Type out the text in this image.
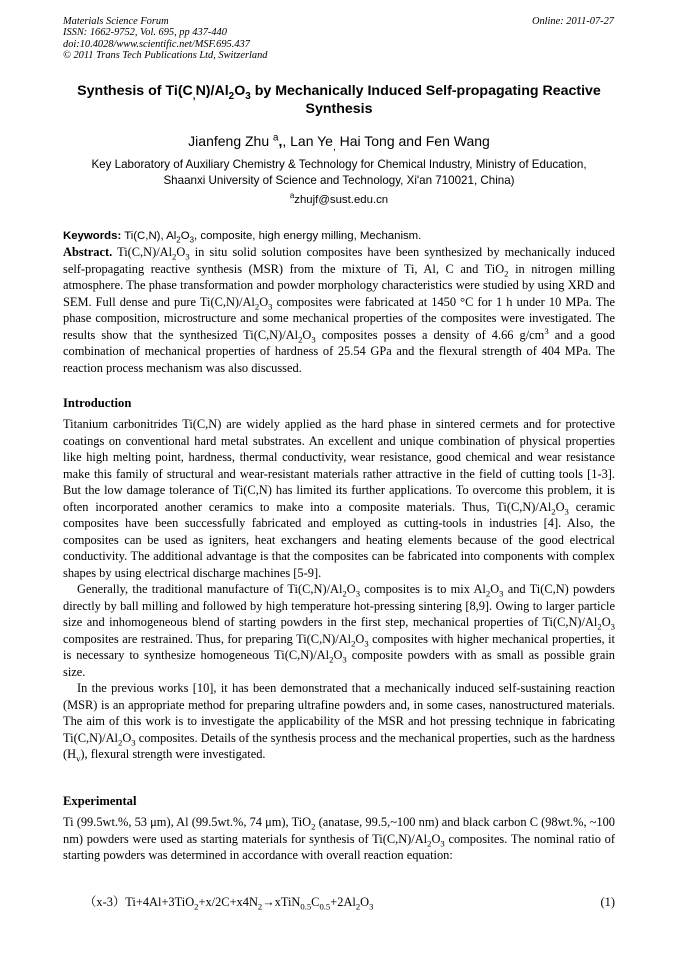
Materials Science Forum
ISSN: 1662-9752, Vol. 695, pp 437-440
doi:10.4028/www.scientific.net/MSF.695.437
© 2011 Trans Tech Publications Ltd, Switzerland
Online: 2011-07-27
Synthesis of $Ti(C_,N)/Al_2O_3$ by Mechanically Induced Self-propagating Reactive Synthesis
Jianfeng Zhu $^a$,, Lan $Ye_,$ Hai Tong and Fen Wang
Key Laboratory of Auxiliary Chemistry & Technology for Chemical Industry, Ministry of Education,
Shaanxi University of Science and Technology, Xi'an 710021, China)
$^a$zhujf@sust.edu.cn
Keywords: Ti(C,N), $Al_2O_3$, composite, high energy milling, Mechanism.

Abstract. $Ti(C,N)/Al_2O_3$ in situ solid solution composites have been synthesized by mechanically induced self-propagating reactive synthesis (MSR) from the mixture of Ti, Al, C and TiO$_2$ in nitrogen milling atmosphere. The phase transformation and powder morphology characteristics were studied by using XRD and SEM. Full dense and pure $Ti(C,N)/Al_2O_3$ composites were fabricated at 1450 °C for 1 h under 10 MPa. The phase composition, microstructure and some mechanical properties of the composites were investigated. The results show that the synthesized $Ti(C,N)/Al_2O_3$ composites posses a density of 4.66 $g/cm^3$ and a good combination of mechanical properties of hardness of 25.54 GPa and the flexural strength of 404 MPa. The reaction process mechanism was also discussed.

Introduction

Titanium carbonitrides Ti(C,N) are widely applied as the hard phase in sintered cermets and for protective coatings on conventional hard metal substrates. An excellent and unique combination of physical properties like high melting point, hardness, thermal conductivity, wear resistance, good chemical and wear resistance make this family of structural and wear-resistant materials rather attractive in the field of cutting tools [1-3]. But the low damage tolerance of Ti(C,N) has limited its further applications. To overcome this problem, it is often incorporated another ceramics to make into a composite materials. Thus, $Ti(C,N)/Al_2O_3$ ceramic composites have been successfully fabricated and employed as cutting-tools in industries [4]. Also, the composites can be used as igniters, heat exchangers and heating elements because of the good electrical conductivity. The additional advantage is that the composites can be fabricated into components with complex shapes by using electrical discharge machines [5-9].

Generally, the traditional manufacture of $Ti(C,N)/Al_2O_3$ composites is to mix $Al_2O_3$ and Ti(C,N) powders directly by ball milling and followed by high temperature hot-pressing sintering [8,9]. Owing to larger particle size and inhomogeneous blend of starting powders in the first step, mechanical properties of $Ti(C,N)/Al_2O_3$ composites are restrained. Thus, for preparing $Ti(C,N)/Al_2O_3$ composites with higher mechanical properties, it is necessary to synthesize homogeneous $Ti(C,N)/Al_2O_3$ composite powders with as small as possible grain size.

In the previous works [10], it has been demonstrated that a mechanically induced self-sustaining reaction (MSR) is an appropriate method for preparing ultrafine powders and, in some cases, nanostructured materials. The aim of this work is to investigate the applicability of the MSR and hot pressing technique in fabricating $Ti(C,N)/Al_2O_3$ composites. Details of the synthesis process and the mechanical properties, such as the hardness $(H_v)$, flexural strength were investigated.

Experimental

Ti (99.5wt.%, 53 μm), Al (99.5wt.%, 74 μm), TiO$_2$ (anatase, 99.5,~100 nm) and black carbon C (98wt.%, ~100 nm) powders were used as starting materials for synthesis of $Ti(C,N)/Al_2O_3$ composites. The nominal ratio of starting powders was determined in accordance with overall reaction equation:

$(x-3)Ti+4Al+3TiO_2+x/2C+x4N_2\to xTiN_{0.5}C_{0.5}+2Al_2O_3$	(1)
